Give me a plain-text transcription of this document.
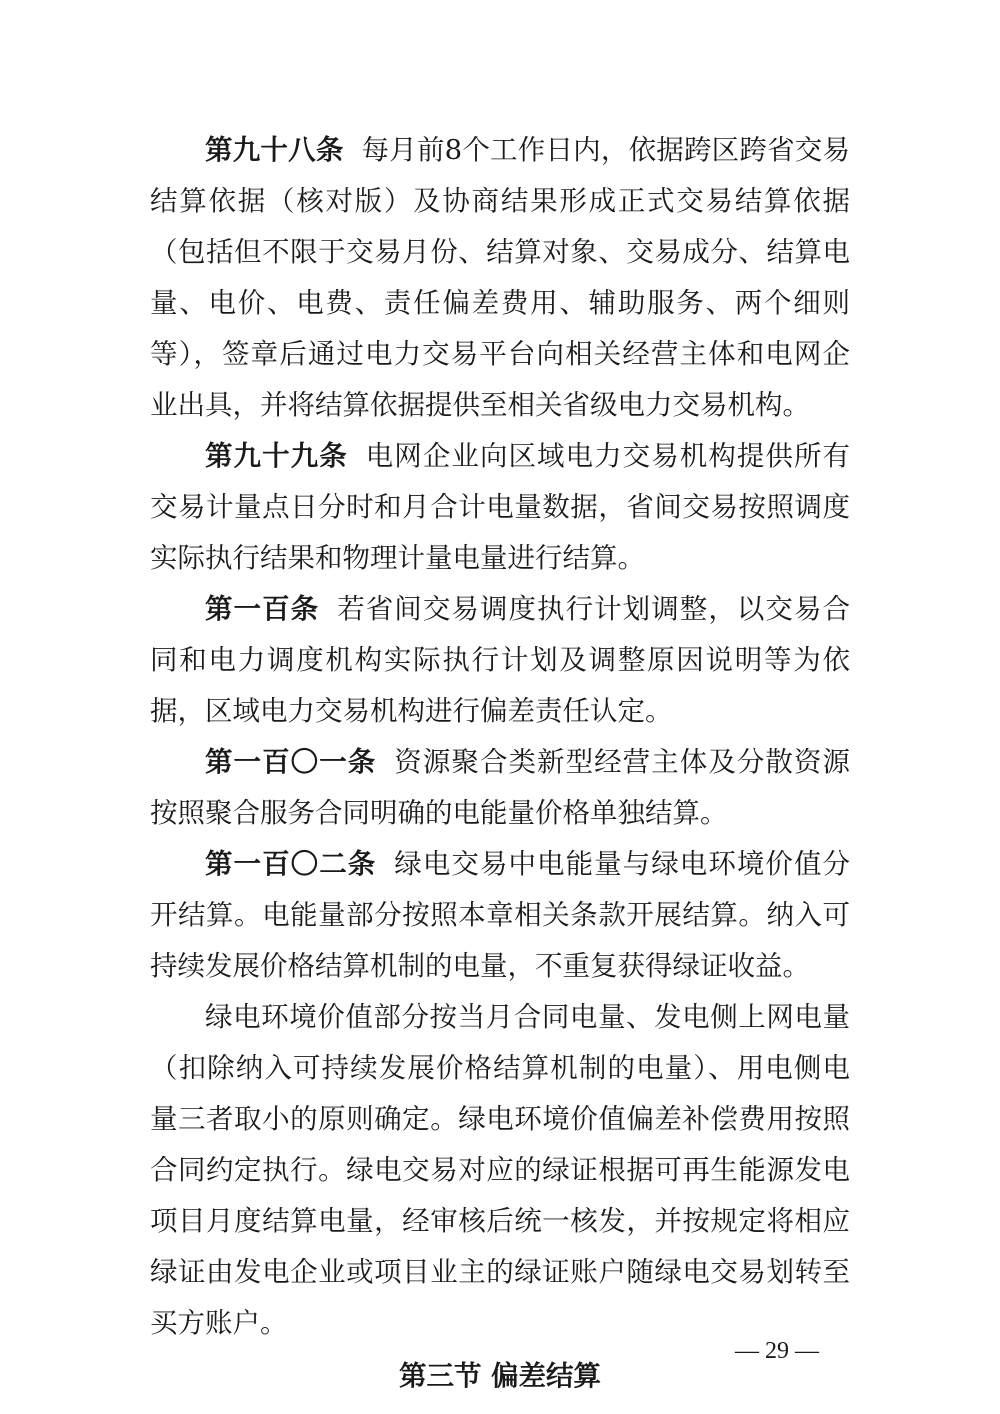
第九十八条 每月前8个工作日内，依据跨区跨省交易结算依据（核对版）及协商结果形成正式交易结算依据（包括但不限于交易月份、结算对象、交易成分、结算电量、电价、电费、责任偏差费用、辅助服务、两个细则等），签章后通过电力交易平台向相关经营主体和电网企业出具，并将结算依据提供至相关省级电力交易机构。

第九十九条 电网企业向区域电力交易机构提供所有交易计量点日分时和月合计电量数据，省间交易按照调度实际执行结果和物理计量电量进行结算。

第一百条 若省间交易调度执行计划调整，以交易合同和电力调度机构实际执行计划及调整原因说明等为依据，区域电力交易机构进行偏差责任认定。

第一百〇一条 资源聚合类新型经营主体及分散资源按照聚合服务合同明确的电能量价格单独结算。

第一百〇二条 绿电交易中电能量与绿电环境价值分开结算。电能量部分按照本章相关条款开展结算。纳入可持续发展价格结算机制的电量，不重复获得绿证收益。

绿电环境价值部分按当月合同电量、发电侧上网电量（扣除纳入可持续发展价格结算机制的电量）、用电侧电量三者取小的原则确定。绿电环境价值偏差补偿费用按照合同约定执行。绿电交易对应的绿证根据可再生能源发电项目月度结算电量，经审核后统一核发，并按规定将相应绿证由发电企业或项目业主的绿证账户随绿电交易划转至买方账户。

第三节 偏差结算

— 29 —
